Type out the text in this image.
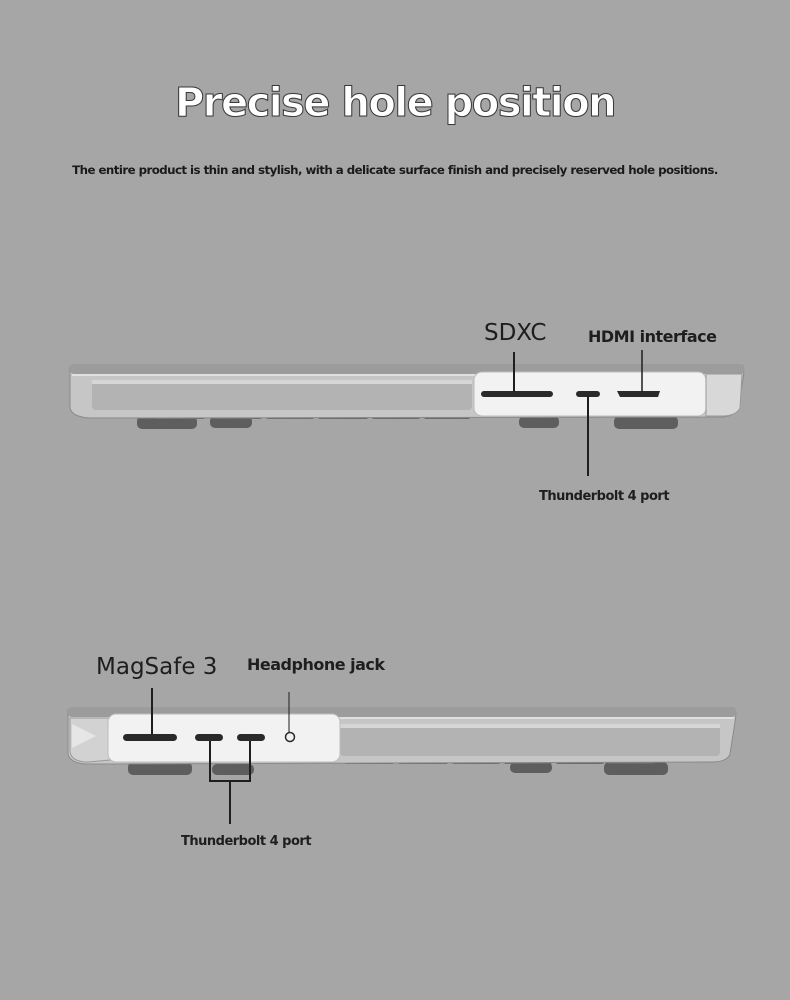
Precise hole position
The entire product is thin and stylish, with a delicate surface finish and precisely reserved hole positions.
SDXC	HDMI interface
Thunderbolt 4 port
MagSafe 3 Headphone jack
Thunderbolt 4 port
